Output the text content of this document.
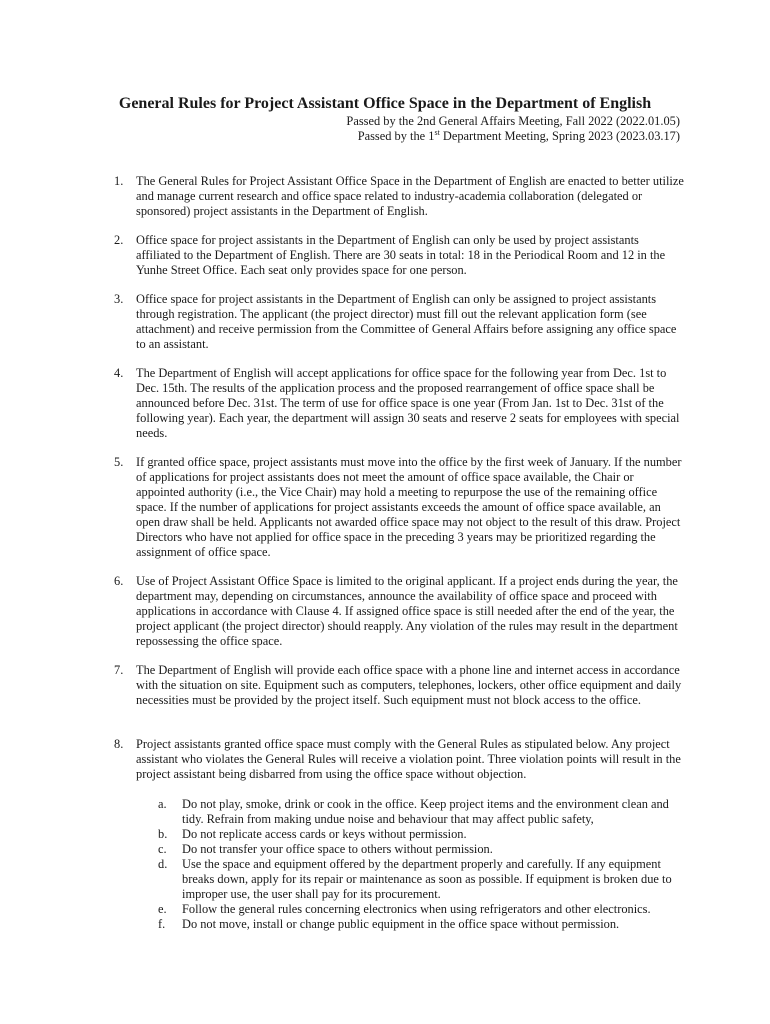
General Rules for Project Assistant Office Space in the Department of English
Passed by the 2nd General Affairs Meeting, Fall 2022 (2022.01.05)
Passed by the 1st Department Meeting, Spring 2023 (2023.03.17)
1. The General Rules for Project Assistant Office Space in the Department of English are enacted to better utilize and manage current research and office space related to industry-academia collaboration (delegated or sponsored) project assistants in the Department of English.
2. Office space for project assistants in the Department of English can only be used by project assistants affiliated to the Department of English. There are 30 seats in total: 18 in the Periodical Room and 12 in the Yunhe Street Office. Each seat only provides space for one person.
3. Office space for project assistants in the Department of English can only be assigned to project assistants through registration. The applicant (the project director) must fill out the relevant application form (see attachment) and receive permission from the Committee of General Affairs before assigning any office space to an assistant.
4. The Department of English will accept applications for office space for the following year from Dec. 1st to Dec. 15th. The results of the application process and the proposed rearrangement of office space shall be announced before Dec. 31st. The term of use for office space is one year (From Jan. 1st to Dec. 31st of the following year). Each year, the department will assign 30 seats and reserve 2 seats for employees with special needs.
5. If granted office space, project assistants must move into the office by the first week of January. If the number of applications for project assistants does not meet the amount of office space available, the Chair or appointed authority (i.e., the Vice Chair) may hold a meeting to repurpose the use of the remaining office space. If the number of applications for project assistants exceeds the amount of office space available, an open draw shall be held. Applicants not awarded office space may not object to the result of this draw. Project Directors who have not applied for office space in the preceding 3 years may be prioritized regarding the assignment of office space.
6. Use of Project Assistant Office Space is limited to the original applicant. If a project ends during the year, the department may, depending on circumstances, announce the availability of office space and proceed with applications in accordance with Clause 4. If assigned office space is still needed after the end of the year, the project applicant (the project director) should reapply. Any violation of the rules may result in the department repossessing the office space.
7. The Department of English will provide each office space with a phone line and internet access in accordance with the situation on site. Equipment such as computers, telephones, lockers, other office equipment and daily necessities must be provided by the project itself. Such equipment must not block access to the office.
8. Project assistants granted office space must comply with the General Rules as stipulated below. Any project assistant who violates the General Rules will receive a violation point. Three violation points will result in the project assistant being disbarred from using the office space without objection.
a. Do not play, smoke, drink or cook in the office. Keep project items and the environment clean and tidy. Refrain from making undue noise and behaviour that may affect public safety,
b. Do not replicate access cards or keys without permission.
c. Do not transfer your office space to others without permission.
d. Use the space and equipment offered by the department properly and carefully. If any equipment breaks down, apply for its repair or maintenance as soon as possible. If equipment is broken due to improper use, the user shall pay for its procurement.
e. Follow the general rules concerning electronics when using refrigerators and other electronics.
f. Do not move, install or change public equipment in the office space without permission.
